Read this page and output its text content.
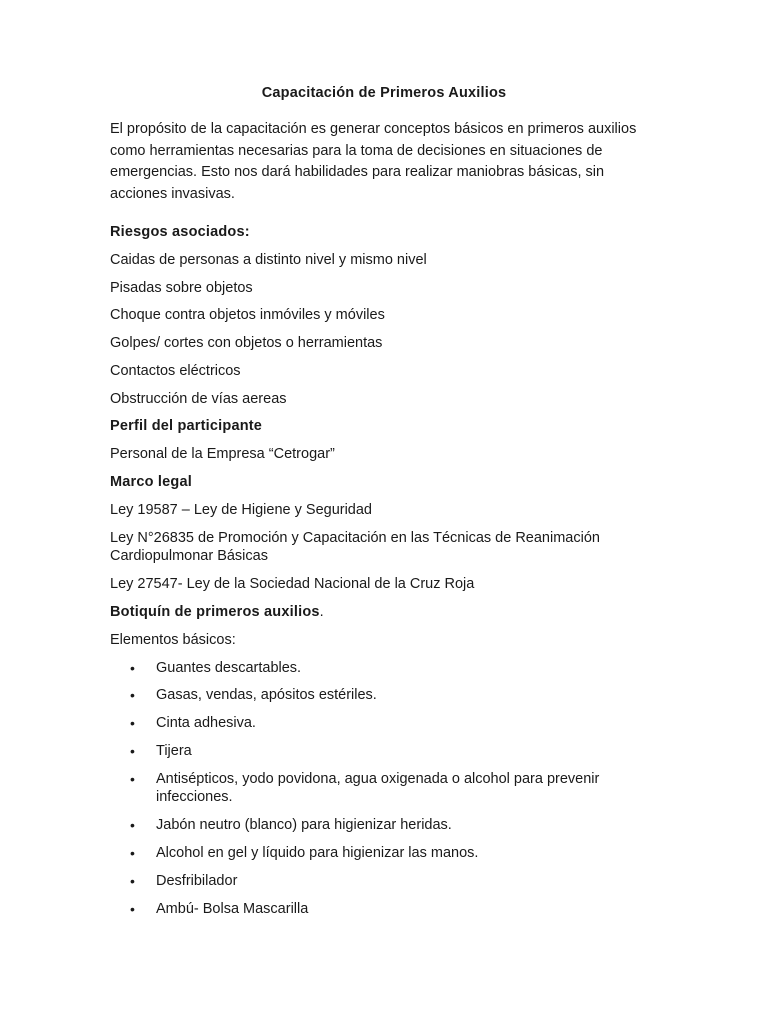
Capacitación de Primeros Auxilios
El propósito de la capacitación es generar conceptos básicos en primeros auxilios como herramientas necesarias para la toma de decisiones en situaciones de emergencias. Esto nos dará habilidades para realizar maniobras básicas, sin acciones invasivas.
Riesgos asociados:
Caidas de personas a distinto nivel y mismo nivel
Pisadas sobre objetos
Choque contra objetos inmóviles y móviles
Golpes/ cortes con objetos o herramientas
Contactos eléctricos
Obstrucción de vías aereas
Perfil del participante
Personal de la Empresa “Cetrogar”
Marco legal
Ley 19587 – Ley de Higiene y Seguridad
Ley N°26835 de Promoción y Capacitación en las Técnicas de Reanimación Cardiopulmonar Básicas
Ley 27547- Ley de la Sociedad Nacional de la Cruz Roja
Botiquín de primeros auxilios.
Elementos básicos:
• Guantes descartables.
• Gasas, vendas, apósitos estériles.
• Cinta adhesiva.
• Tijera
• Antisépticos, yodo povidona, agua oxigenada o alcohol para prevenir infecciones.
• Jabón neutro (blanco) para higienizar heridas.
• Alcohol en gel y líquido para higienizar las manos.
• Desfribilador
• Ambú- Bolsa Mascarilla
